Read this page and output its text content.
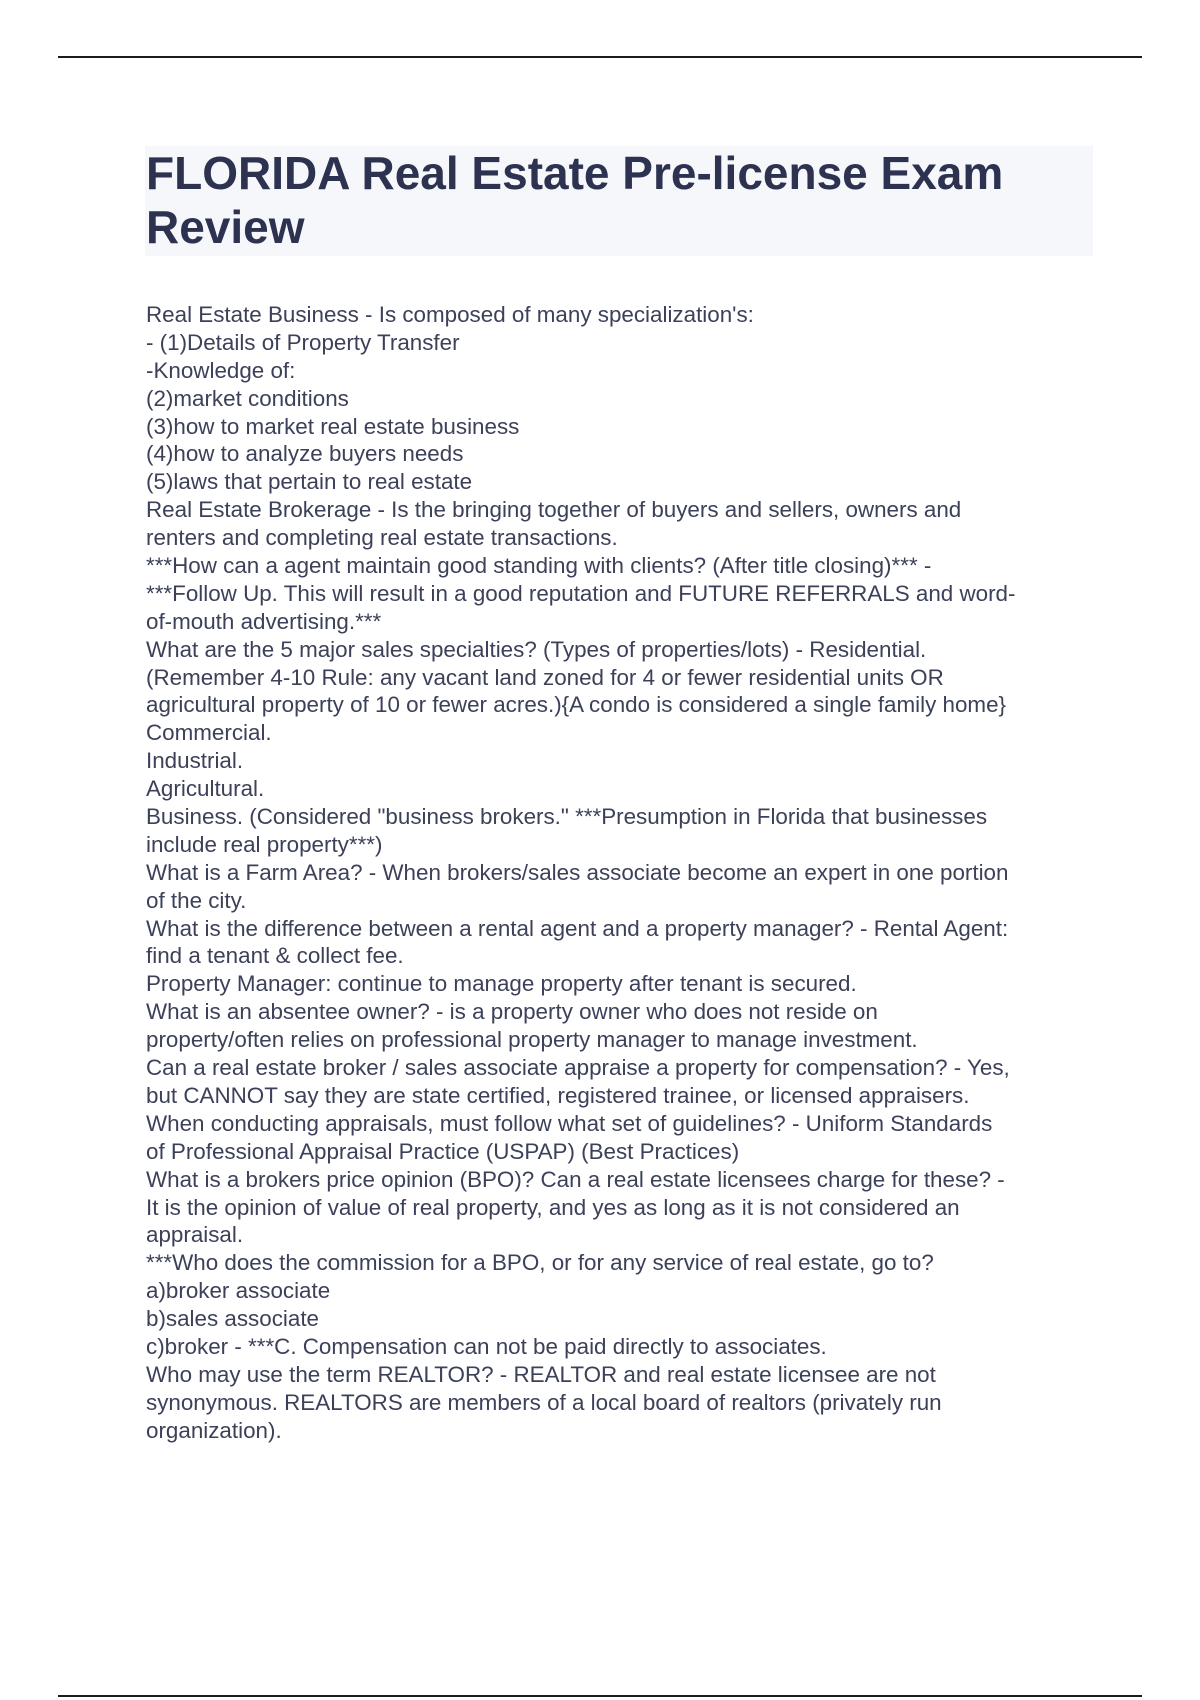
FLORIDA Real Estate Pre-license Exam
Review
Real Estate Business - Is composed of many specialization's:
- (1)Details of Property Transfer
-Knowledge of:
(2)market conditions
(3)how to market real estate business
(4)how to analyze buyers needs
(5)laws that pertain to real estate
Real Estate Brokerage - Is the bringing together of buyers and sellers, owners and
renters and completing real estate transactions.
***How can a agent maintain good standing with clients? (After title closing)*** -
***Follow Up. This will result in a good reputation and FUTURE REFERRALS and word-
of-mouth advertising.***
What are the 5 major sales specialties? (Types of properties/lots) - Residential.
(Remember 4-10 Rule: any vacant land zoned for 4 or fewer residential units OR
agricultural property of 10 or fewer acres.){A condo is considered a single family home}
Commercial.
Industrial.
Agricultural.
Business. (Considered "business brokers." ***Presumption in Florida that businesses
include real property***)
What is a Farm Area? - When brokers/sales associate become an expert in one portion
of the city.
What is the difference between a rental agent and a property manager? - Rental Agent:
find a tenant & collect fee.
Property Manager: continue to manage property after tenant is secured.
What is an absentee owner? - is a property owner who does not reside on
property/often relies on professional property manager to manage investment.
Can a real estate broker / sales associate appraise a property for compensation? - Yes,
but CANNOT say they are state certified, registered trainee, or licensed appraisers.
When conducting appraisals, must follow what set of guidelines? - Uniform Standards
of Professional Appraisal Practice (USPAP) (Best Practices)
What is a brokers price opinion (BPO)? Can a real estate licensees charge for these? -
It is the opinion of value of real property, and yes as long as it is not considered an
appraisal.
***Who does the commission for a BPO, or for any service of real estate, go to?
a)broker associate
b)sales associate
c)broker - ***C. Compensation can not be paid directly to associates.
Who may use the term REALTOR? - REALTOR and real estate licensee are not
synonymous. REALTORS are members of a local board of realtors (privately run
organization).
